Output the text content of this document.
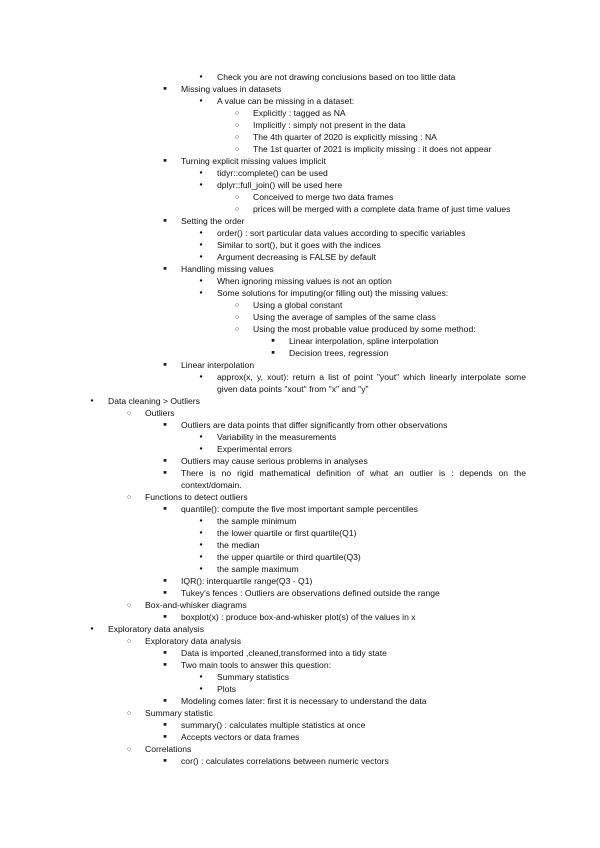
●
Check you are not drawing conclusions based on too little data
■
Missing values in datasets
●
A value can be missing in a dataset:
○
Explicitly : tagged as NA
○
Implicitly : simply not present in the data
○
The 4th quarter of 2020 is explicitly missing : NA
○
The 1st quarter of 2021 is implicity missing : it does not appear
■
Turning explicit missing values implicit
●
tidyr::complete() can be used
●
dplyr::full_join() will be used here
○
Conceived to merge two data frames
○
prices will be merged with a complete data frame of just time values
■
Setting the order
●
order() : sort particular data values according to specific variables
●
Similar to sort(), but it goes with the indices
●
Argument decreasing is FALSE by default
■
Handling missing values
●
When ignoring missing values is not an option
●
Some solutions for imputing(or filling out) the missing values:
○
Using a global constant
○
Using the average of samples of the same class
○
Using the most probable value produced by some method:
■
Linear interpolation, spline interpolation
■
Decision trees, regression
■
Linear interpolation
●
approx(x, y, xout): return a list of point "yout" which linearly interpolate some given data points "xout" from "x" and "y"
●
Data cleaning > Outliers
○
Outliers
■
Outliers are data points that differ significantly from other observations
●
Variability in the measurements
●
Experimental errors
■
Outliers may cause serious problems in analyses
■
There is no rigid mathematical definition of what an outlier is : depends on the context/domain.
○
Functions to detect outliers
■
quantile(): compute the five most important sample percentiles
●
the sample minimum
●
the lower quartile or first quartile(Q1)
●
the median
●
the upper quartile or third quartile(Q3)
●
the sample maximum
■
IQR(): interquartile range(Q3 - Q1)
■
Tukey's fences : Outliers are observations defined outside the range
○
Box-and-whisker diagrams
■
boxplot(x) : produce box-and-whisker plot(s) of the values in x
●
Exploratory data analysis
○
Exploratory data analysis
■
Data is imported ,cleaned,transformed into a tidy state
■
Two main tools to answer this question:
●
Summary statistics
●
Plots
■
Modeling comes later: first it is necessary to understand the data
○
Summary statistic
■
summary() : calculates multiple statistics at once
■
Accepts vectors or data frames
○
Correlations
■
cor() : calculates correlations between numeric vectors
